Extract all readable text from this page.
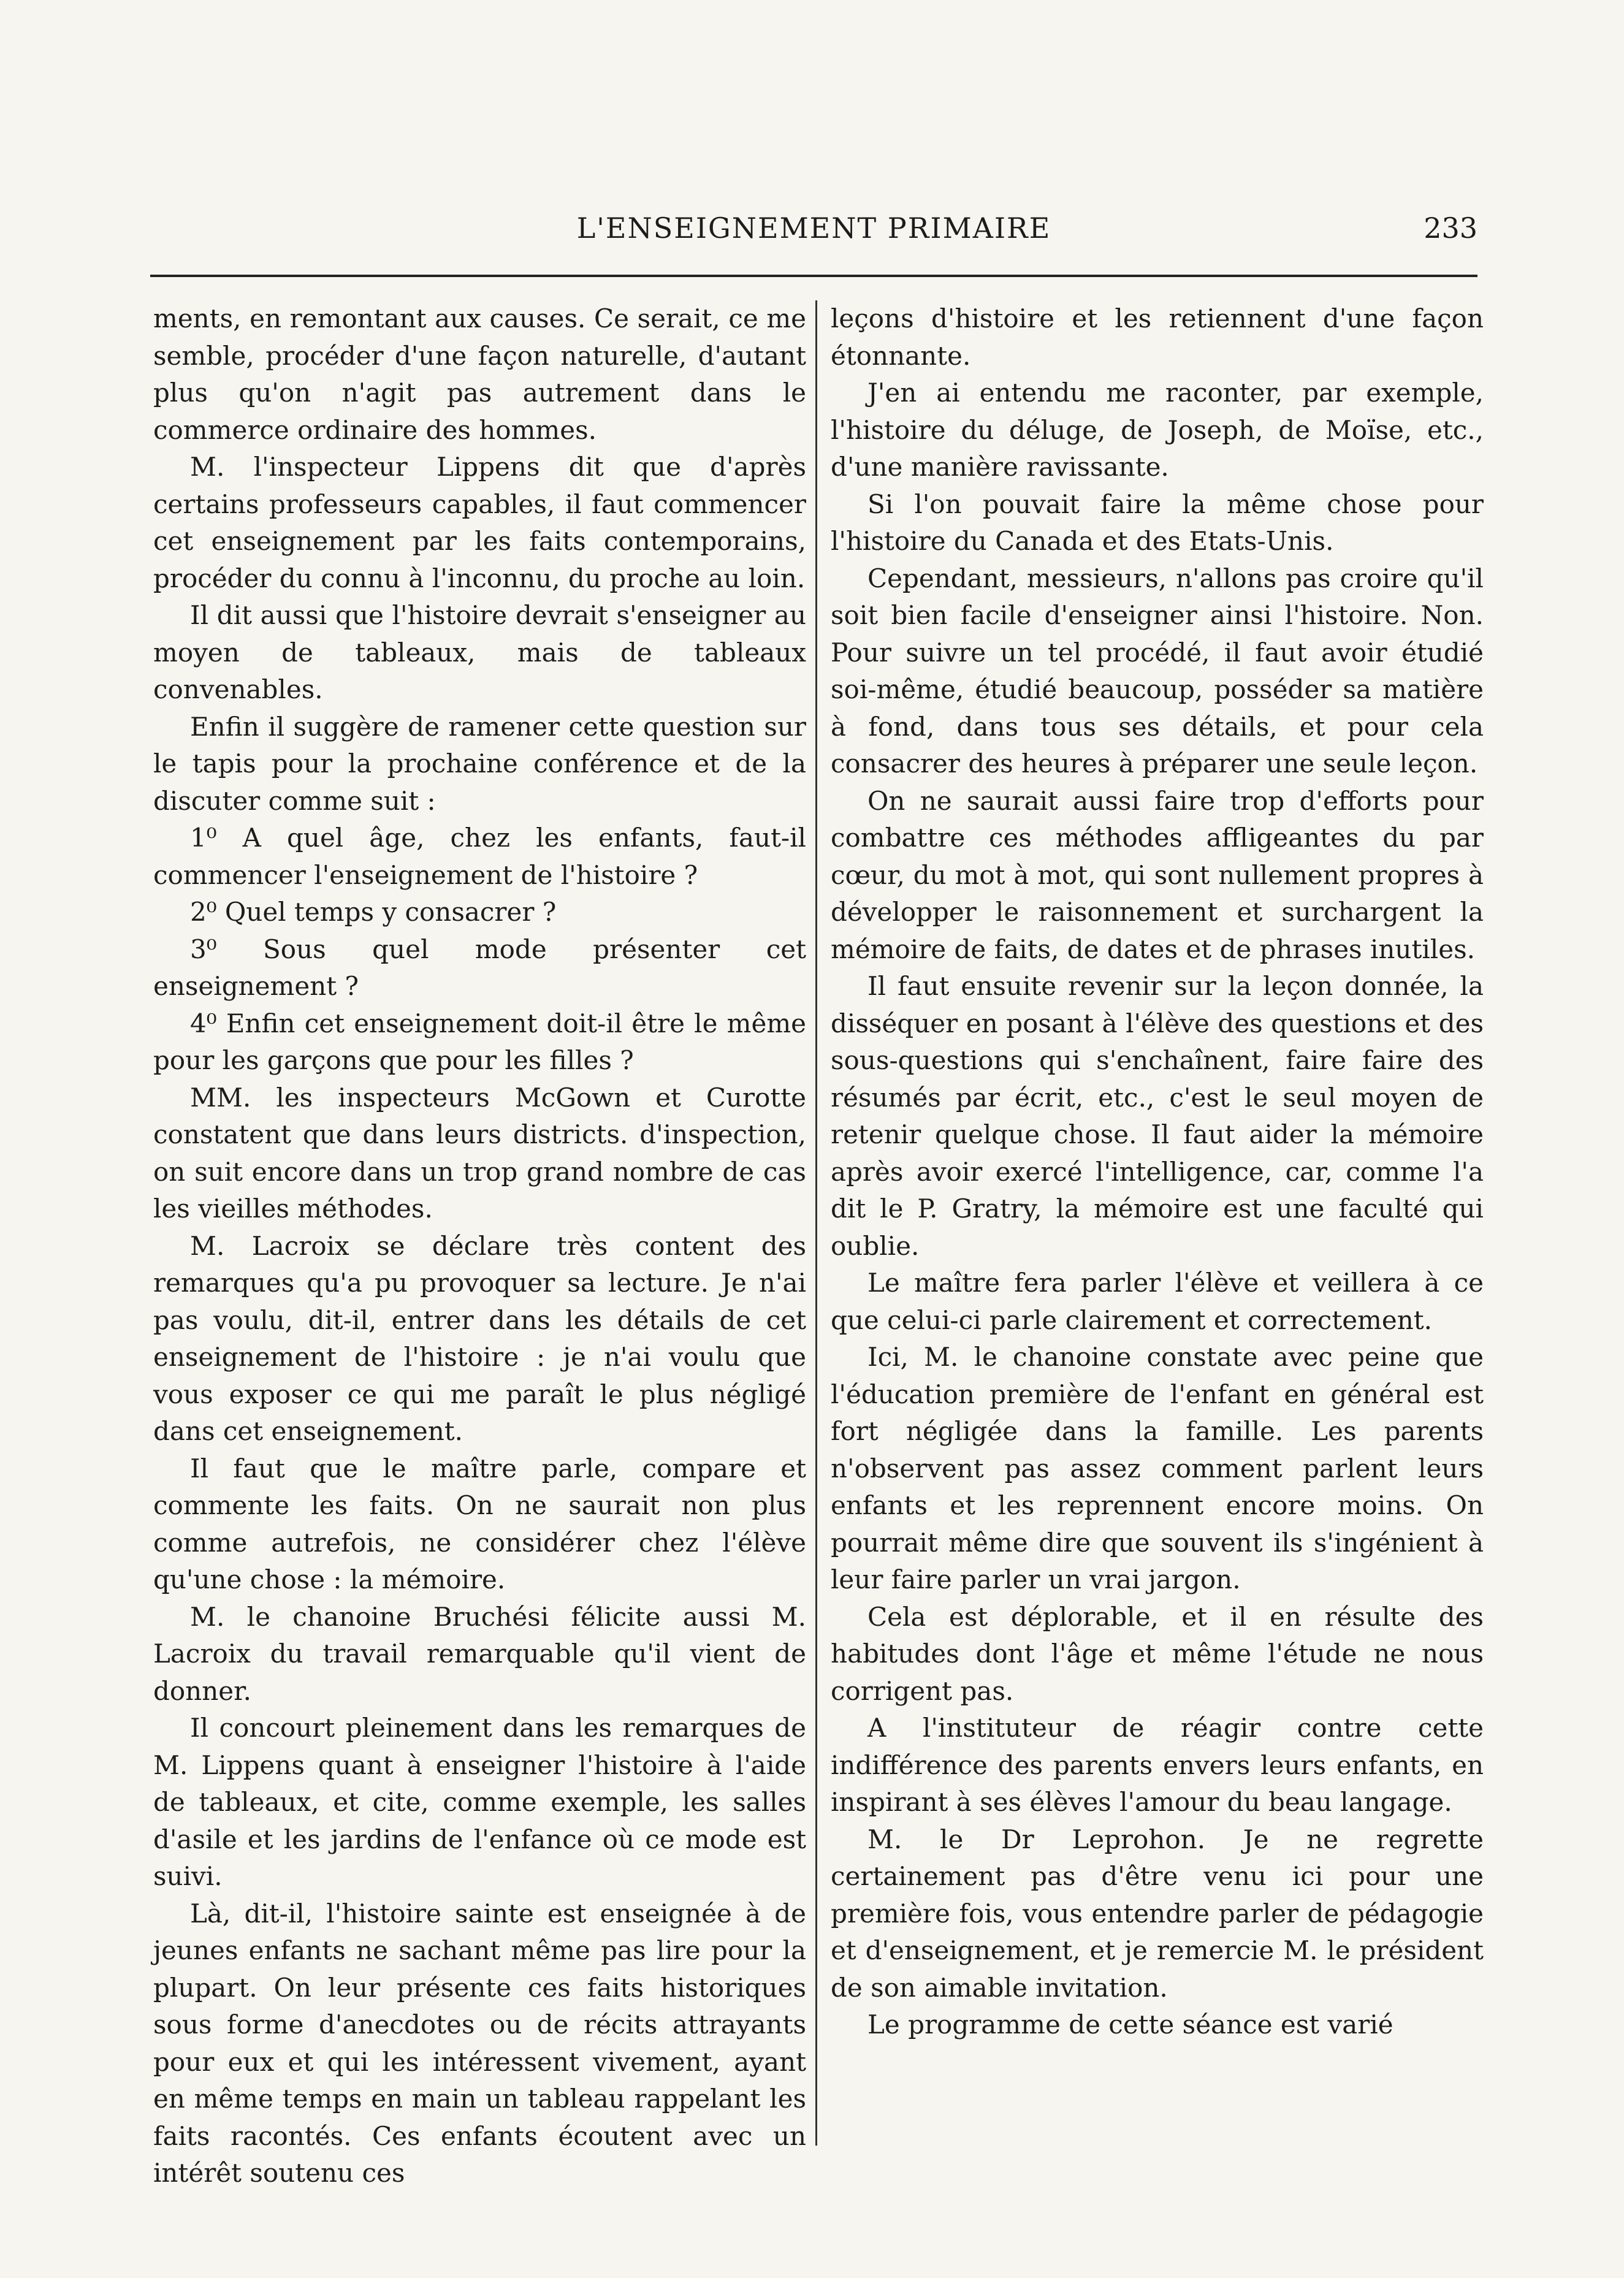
L'ENSEIGNEMENT PRIMAIRE	233

ments, en remontant aux causes. Ce serait, ce me semble, procéder d'une façon naturelle, d'autant plus qu'on n'agit pas autrement dans le commerce ordinaire des hommes.

M. l'inspecteur Lippens dit que d'après certains professeurs capables, il faut commencer cet enseignement par les faits contemporains, procéder du connu à l'inconnu, du proche au loin.

Il dit aussi que l'histoire devrait s'enseigner au moyen de tableaux, mais de tableaux convenables.

Enfin il suggère de ramener cette question sur le tapis pour la prochaine conférence et de la discuter comme suit :

1⁰ A quel âge, chez les enfants, faut-il commencer l'enseignement de l'histoire ?

2⁰ Quel temps y consacrer ?

3⁰ Sous quel mode présenter cet enseignement ?

4⁰ Enfin cet enseignement doit-il être le même pour les garçons que pour les filles ?

MM. les inspecteurs McGown et Curotte constatent que dans leurs districts. d'inspection, on suit encore dans un trop grand nombre de cas les vieilles méthodes.

M. Lacroix se déclare très content des remarques qu'a pu provoquer sa lecture. Je n'ai pas voulu, dit-il, entrer dans les détails de cet enseignement de l'histoire : je n'ai voulu que vous exposer ce qui me paraît le plus négligé dans cet enseignement.

Il faut que le maître parle, compare et commente les faits. On ne saurait non plus comme autrefois, ne considérer chez l'élève qu'une chose : la mémoire.

M. le chanoine Bruchési félicite aussi M. Lacroix du travail remarquable qu'il vient de donner.

Il concourt pleinement dans les remarques de M. Lippens quant à enseigner l'histoire à l'aide de tableaux, et cite, comme exemple, les salles d'asile et les jardins de l'enfance où ce mode est suivi.

Là, dit-il, l'histoire sainte est enseignée à de jeunes enfants ne sachant même pas lire pour la plupart. On leur présente ces faits historiques sous forme d'anecdotes ou de récits attrayants pour eux et qui les intéressent vivement, ayant en même temps en main un tableau rappelant les faits racontés. Ces enfants écoutent avec un intérêt soutenu ces

leçons d'histoire et les retiennent d'une façon étonnante.

J'en ai entendu me raconter, par exemple, l'histoire du déluge, de Joseph, de Moïse, etc., d'une manière ravissante.

Si l'on pouvait faire la même chose pour l'histoire du Canada et des Etats-Unis.

Cependant, messieurs, n'allons pas croire qu'il soit bien facile d'enseigner ainsi l'histoire. Non. Pour suivre un tel procédé, il faut avoir étudié soi-même, étudié beaucoup, posséder sa matière à fond, dans tous ses détails, et pour cela consacrer des heures à préparer une seule leçon.

On ne saurait aussi faire trop d'efforts pour combattre ces méthodes affligeantes du par cœur, du mot à mot, qui sont nullement propres à développer le raisonnement et surchargent la mémoire de faits, de dates et de phrases inutiles.

Il faut ensuite revenir sur la leçon donnée, la disséquer en posant à l'élève des questions et des sous-questions qui s'enchaînent, faire faire des résumés par écrit, etc., c'est le seul moyen de retenir quelque chose. Il faut aider la mémoire après avoir exercé l'intelligence, car, comme l'a dit le P. Gratry, la mémoire est une faculté qui oublie.

Le maître fera parler l'élève et veillera à ce que celui-ci parle clairement et correctement.

Ici, M. le chanoine constate avec peine que l'éducation première de l'enfant en général est fort négligée dans la famille. Les parents n'observent pas assez comment parlent leurs enfants et les reprennent encore moins. On pourrait même dire que souvent ils s'ingénient à leur faire parler un vrai jargon.

Cela est déplorable, et il en résulte des habitudes dont l'âge et même l'étude ne nous corrigent pas.

A l'instituteur de réagir contre cette indifférence des parents envers leurs enfants, en inspirant à ses élèves l'amour du beau langage.

M. le Dr Leprohon. Je ne regrette certainement pas d'être venu ici pour une première fois, vous entendre parler de pédagogie et d'enseignement, et je remercie M. le président de son aimable invitation.

Le programme de cette séance est varié
